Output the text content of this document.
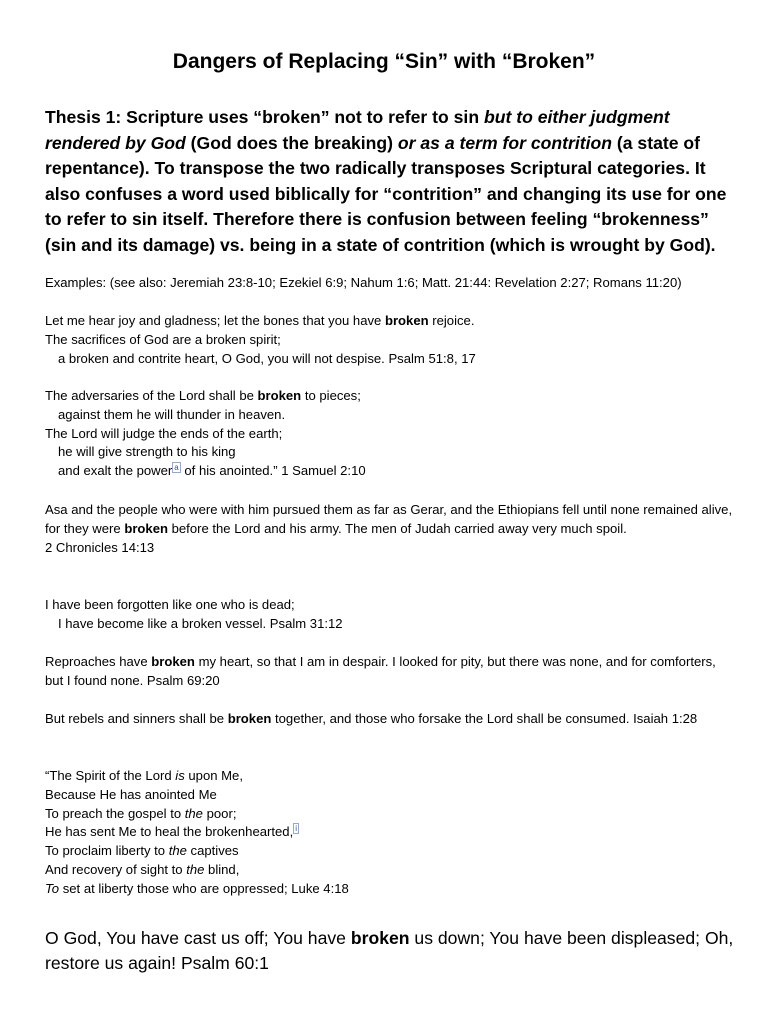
Dangers of Replacing “Sin” with “Broken”
Thesis 1: Scripture uses “broken” not to refer to sin but to either judgment rendered by God (God does the breaking) or as a term for contrition (a state of repentance). To transpose the two radically transposes Scriptural categories. It also confuses a word used biblically for “contrition” and changing its use for one to refer to sin itself. Therefore there is confusion between feeling “brokenness” (sin and its damage) vs. being in a state of contrition (which is wrought by God).
Examples: (see also: Jeremiah 23:8-10; Ezekiel 6:9; Nahum 1:6; Matt. 21:44: Revelation 2:27; Romans 11:20)
Let me hear joy and gladness; let the bones that you have broken rejoice.
The sacrifices of God are a broken spirit;
a broken and contrite heart, O God, you will not despise. Psalm 51:8, 17
The adversaries of the Lord shall be broken to pieces;
against them he will thunder in heaven.
The Lord will judge the ends of the earth;
he will give strength to his king
and exalt the power $^a$ of his anointed.” 1 Samuel 2:10
Asa and the people who were with him pursued them as far as Gerar, and the Ethiopians fell until none remained alive, for they were broken before the Lord and his army. The men of Judah carried away very much spoil.
2 Chronicles 14:13
I have been forgotten like one who is dead;
I have become like a broken vessel. Psalm 31:12
Reproaches have broken my heart, so that I am in despair. I looked for pity, but there was none, and for comforters, but I found none. Psalm 69:20
But rebels and sinners shall be broken together, and those who forsake the Lord shall be consumed. Isaiah 1:28
“The Spirit of the Lord is upon Me,
Because He has anointed Me
To preach the gospel to the poor;
He has sent Me to heal the brokenhearted, $^i$
To proclaim liberty to the captives
And recovery of sight to the blind,
To set at liberty those who are oppressed; Luke 4:18
O God, You have cast us off; You have broken us down; You have been displeased; Oh, restore us again! Psalm 60:1
